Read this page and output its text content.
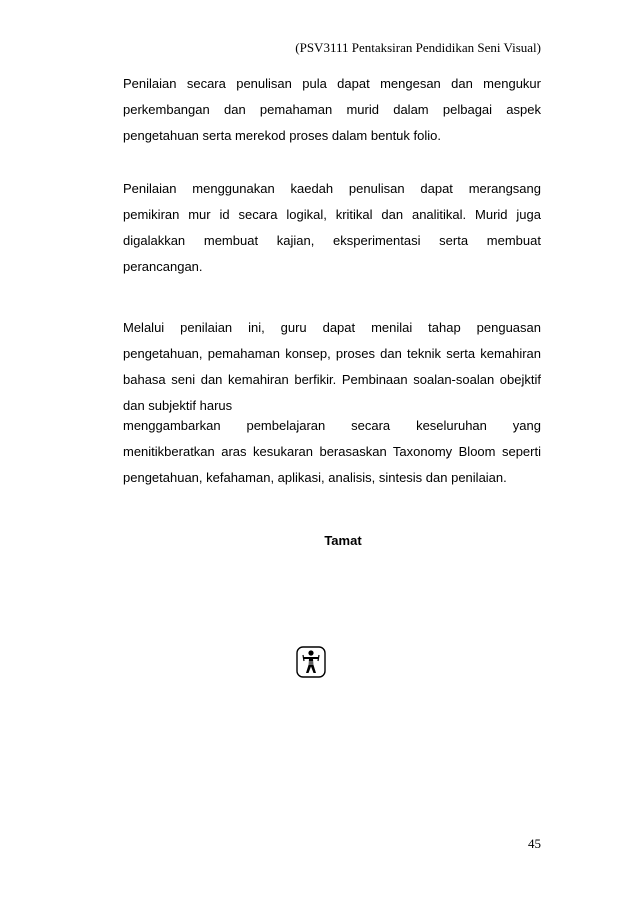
(PSV3111 Pentaksiran Pendidikan Seni Visual)
Penilaian secara penulisan pula dapat mengesan dan mengukur
perkembangan dan pemahaman murid dalam pelbagai aspek
pengetahuan serta merekod proses dalam bentuk folio.
Penilaian menggunakan kaedah penulisan dapat merangsang
pemikiran mur id secara logikal, kritikal dan analitikal. Murid juga
digalakkan membuat kajian, eksperimentasi serta membuat
perancangan.
Melalui penilaian ini, guru dapat menilai tahap penguasan
pengetahuan, pemahaman konsep, proses dan teknik serta kemahiran
bahasa seni dan kemahiran berfikir. Pembinaan soalan-soalan obejktif
dan subjektif harus
menggambarkan pembelajaran secara keseluruhan yang
menitikberatkan aras kesukaran berasaskan Taxonomy Bloom seperti
pengetahuan, kefahaman, aplikasi, analisis, sintesis dan penilaian.
Tamat
45
